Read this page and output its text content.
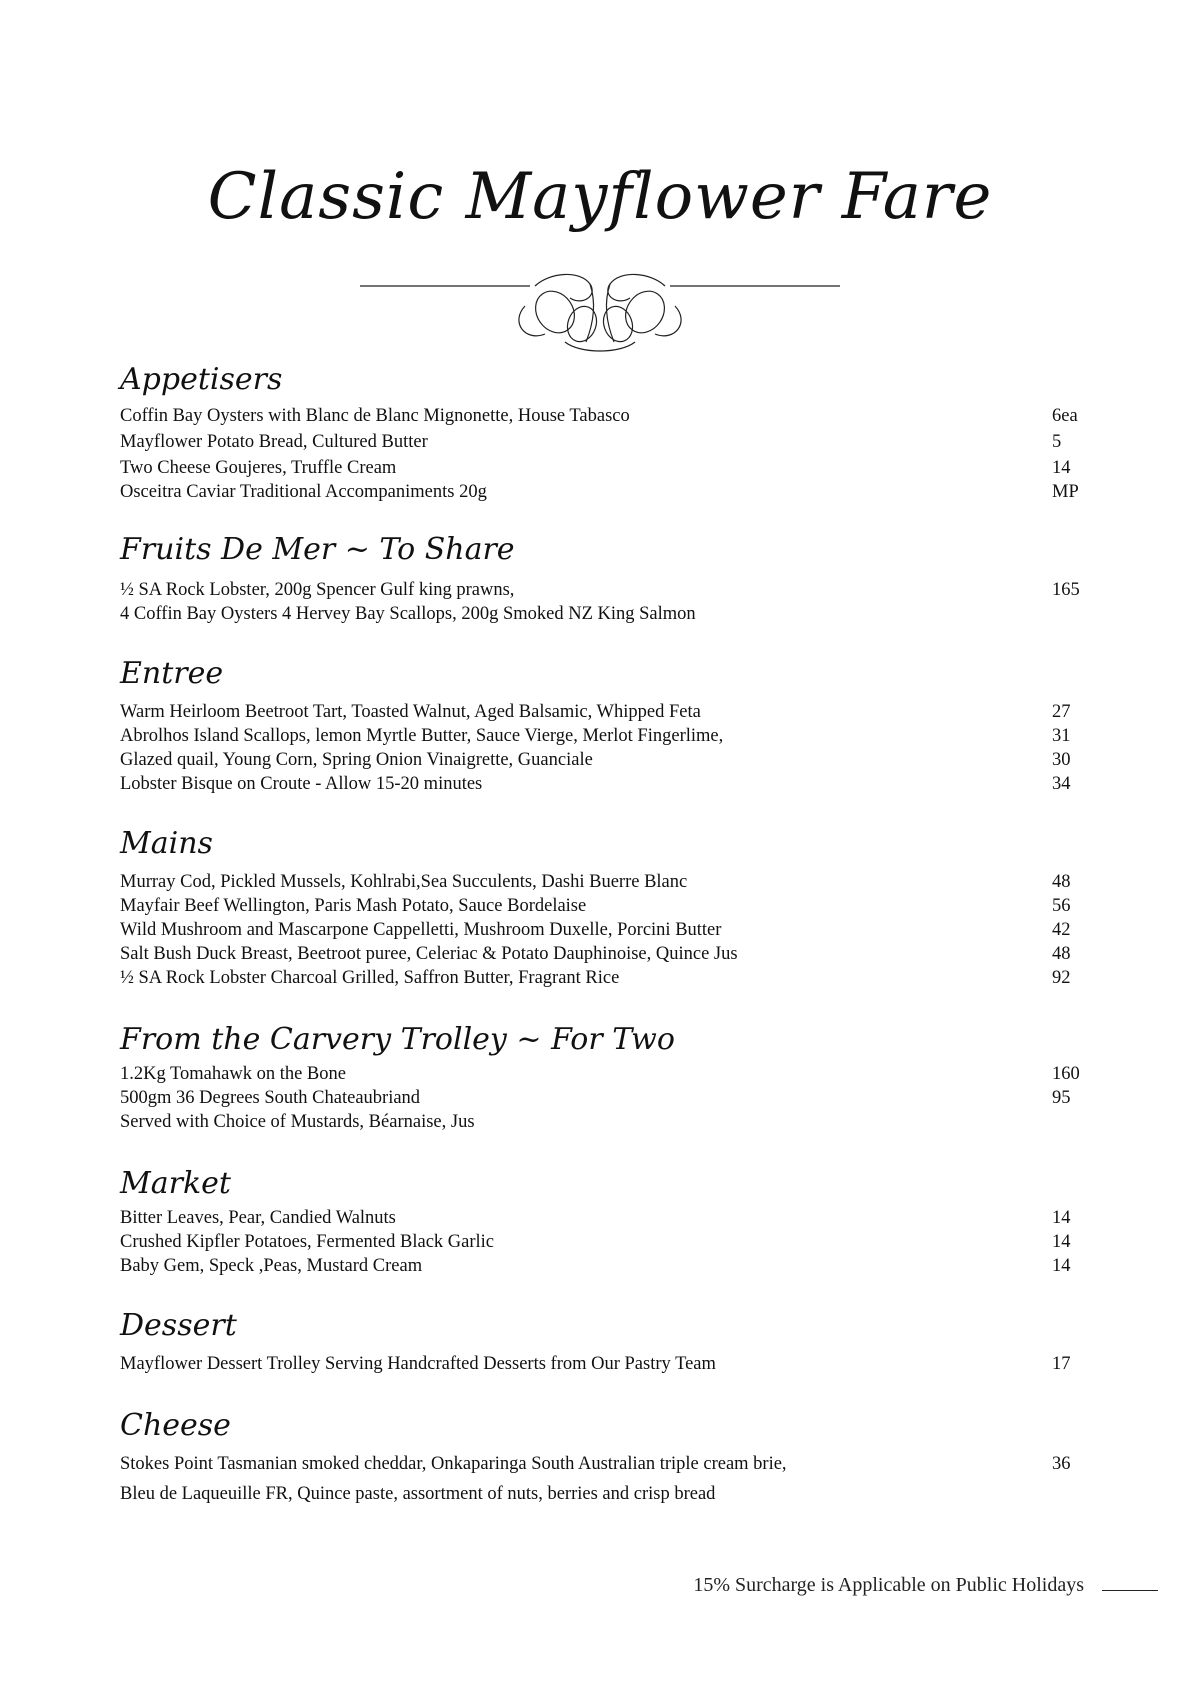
Classic Mayflower Fare
Appetisers
Coffin Bay Oysters with Blanc de Blanc Mignonette, House Tabasco	6ea
Mayflower Potato Bread, Cultured Butter	5
Two Cheese Goujeres, Truffle Cream	14
Osceitra Caviar Traditional Accompaniments 20g	MP
Fruits De Mer ~ To Share
½ SA Rock Lobster, 200g Spencer Gulf king prawns,	165
4 Coffin Bay Oysters 4 Hervey Bay Scallops, 200g Smoked NZ King Salmon
Entree
Warm Heirloom Beetroot Tart, Toasted Walnut, Aged Balsamic, Whipped Feta	27
Abrolhos Island Scallops, lemon Myrtle Butter, Sauce Vierge, Merlot Fingerlime,	31
Glazed quail, Young Corn, Spring Onion Vinaigrette, Guanciale	30
Lobster Bisque on Croute - Allow 15-20 minutes	34
Mains
Murray Cod, Pickled Mussels, Kohlrabi,Sea Succulents, Dashi Buerre Blanc	48
Mayfair Beef Wellington, Paris Mash Potato, Sauce Bordelaise	56
Wild Mushroom and Mascarpone Cappelletti, Mushroom Duxelle, Porcini Butter	42
Salt Bush Duck Breast, Beetroot puree, Celeriac & Potato Dauphinoise, Quince Jus	48
½ SA Rock Lobster Charcoal Grilled, Saffron Butter, Fragrant Rice	92
From the Carvery Trolley ~ For Two
1.2Kg Tomahawk on the Bone	160
500gm 36 Degrees South Chateaubriand	95
Served with Choice of Mustards, Béarnaise, Jus
Market
Bitter Leaves, Pear, Candied Walnuts	14
Crushed Kipfler Potatoes, Fermented Black Garlic	14
Baby Gem, Speck ,Peas, Mustard Cream	14
Dessert
Mayflower Dessert Trolley Serving Handcrafted Desserts from Our Pastry Team	17
Cheese
Stokes Point Tasmanian smoked cheddar, Onkaparinga South Australian triple cream brie,	36
Bleu de Laqueuille FR, Quince paste, assortment of nuts, berries and crisp bread
15% Surcharge is Applicable on Public Holidays
